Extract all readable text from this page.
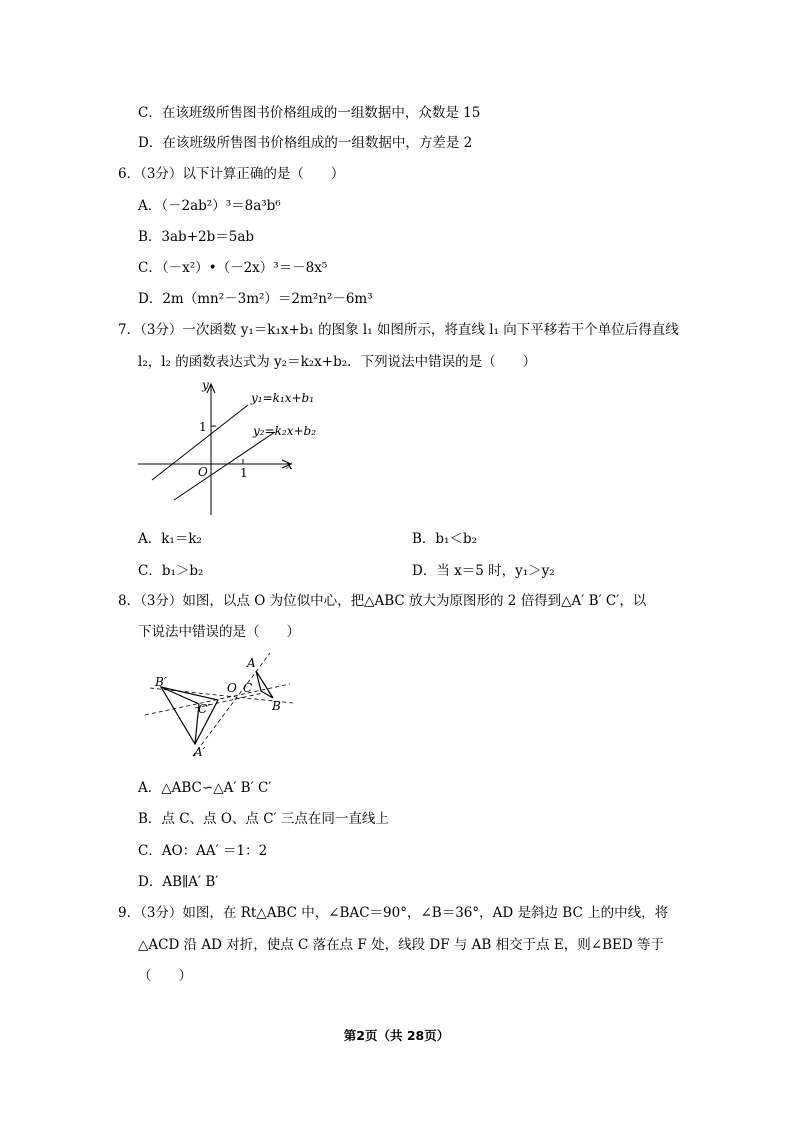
C．在该班级所售图书价格组成的一组数据中，众数是 15
D．在该班级所售图书价格组成的一组数据中，方差是 2
6．（3分）以下计算正确的是（　　）
A．（－2ab²）³＝8a³b⁶
B．3ab+2b＝5ab
C．（－x²）•（－2x）³＝－8x⁵
D．2m（mn²－3m²）＝2m²n²－6m³
7．（3分）一次函数 y₁＝k₁x+b₁ 的图象 l₁ 如图所示，将直线 l₁ 向下平移若干个单位后得直线
l₂，l₂ 的函数表达式为 y₂＝k₂x+b₂．下列说法中错误的是（　　）
y
x
O
1
1
y₁=k₁x+b₁
y₂=k₂x+b₂
A．k₁＝k₂	B．b₁＜b₂
C．b₁＞b₂	D．当 x＝5 时，y₁＞y₂
8．（3分）如图，以点 O 为位似中心，把△ABC 放大为原图形的 2 倍得到△A′ B′ C′，以
下说法中错误的是（　　）
A
B
C
O
A′
B′
C′
A．△ABC∽△A′ B′ C′
B．点 C、点 O、点 C′ 三点在同一直线上
C．AO：AA′ ＝1：2
D．AB∥A′ B′
9．（3分）如图，在 Rt△ABC 中，∠BAC＝90°，∠B＝36°，AD 是斜边 BC 上的中线，将
△ACD 沿 AD 对折，使点 C 落在点 F 处，线段 DF 与 AB 相交于点 E，则∠BED 等于
（　　）
第2页（共 28页）
